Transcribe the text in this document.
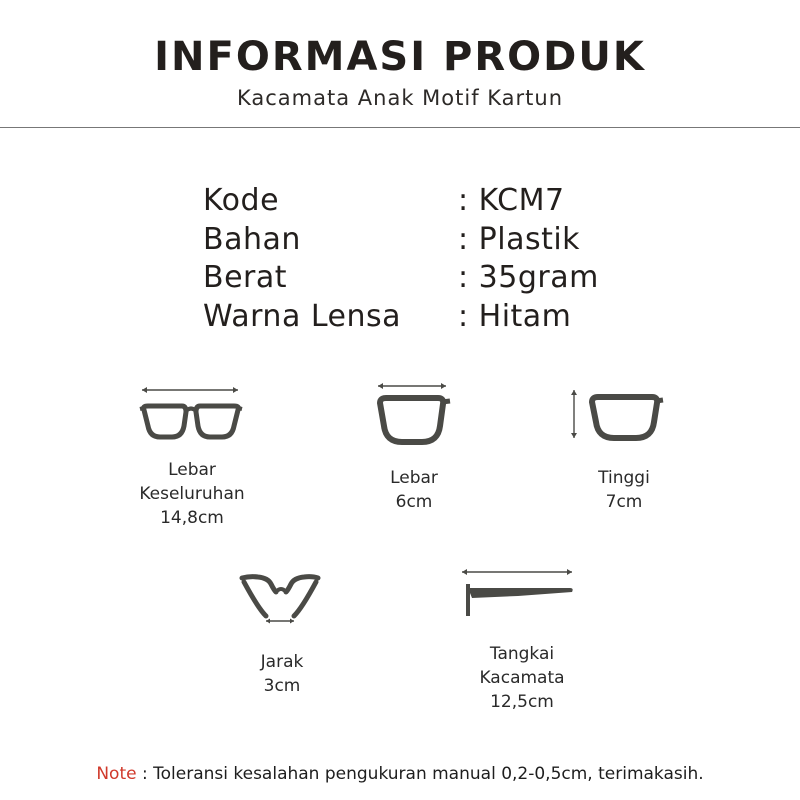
INFORMASI PRODUK
Kacamata Anak Motif Kartun
Kode	: KCM7
Bahan	: Plastik
Berat	: 35gram
Warna Lensa : Hitam
Lebar
Keseluruhan
14,8cm
Lebar
6cm
Tinggi
7cm
Jarak
3cm
Tangkai
Kacamata
12,5cm
Note : Toleransi kesalahan pengukuran manual 0,2-0,5cm, terimakasih.
